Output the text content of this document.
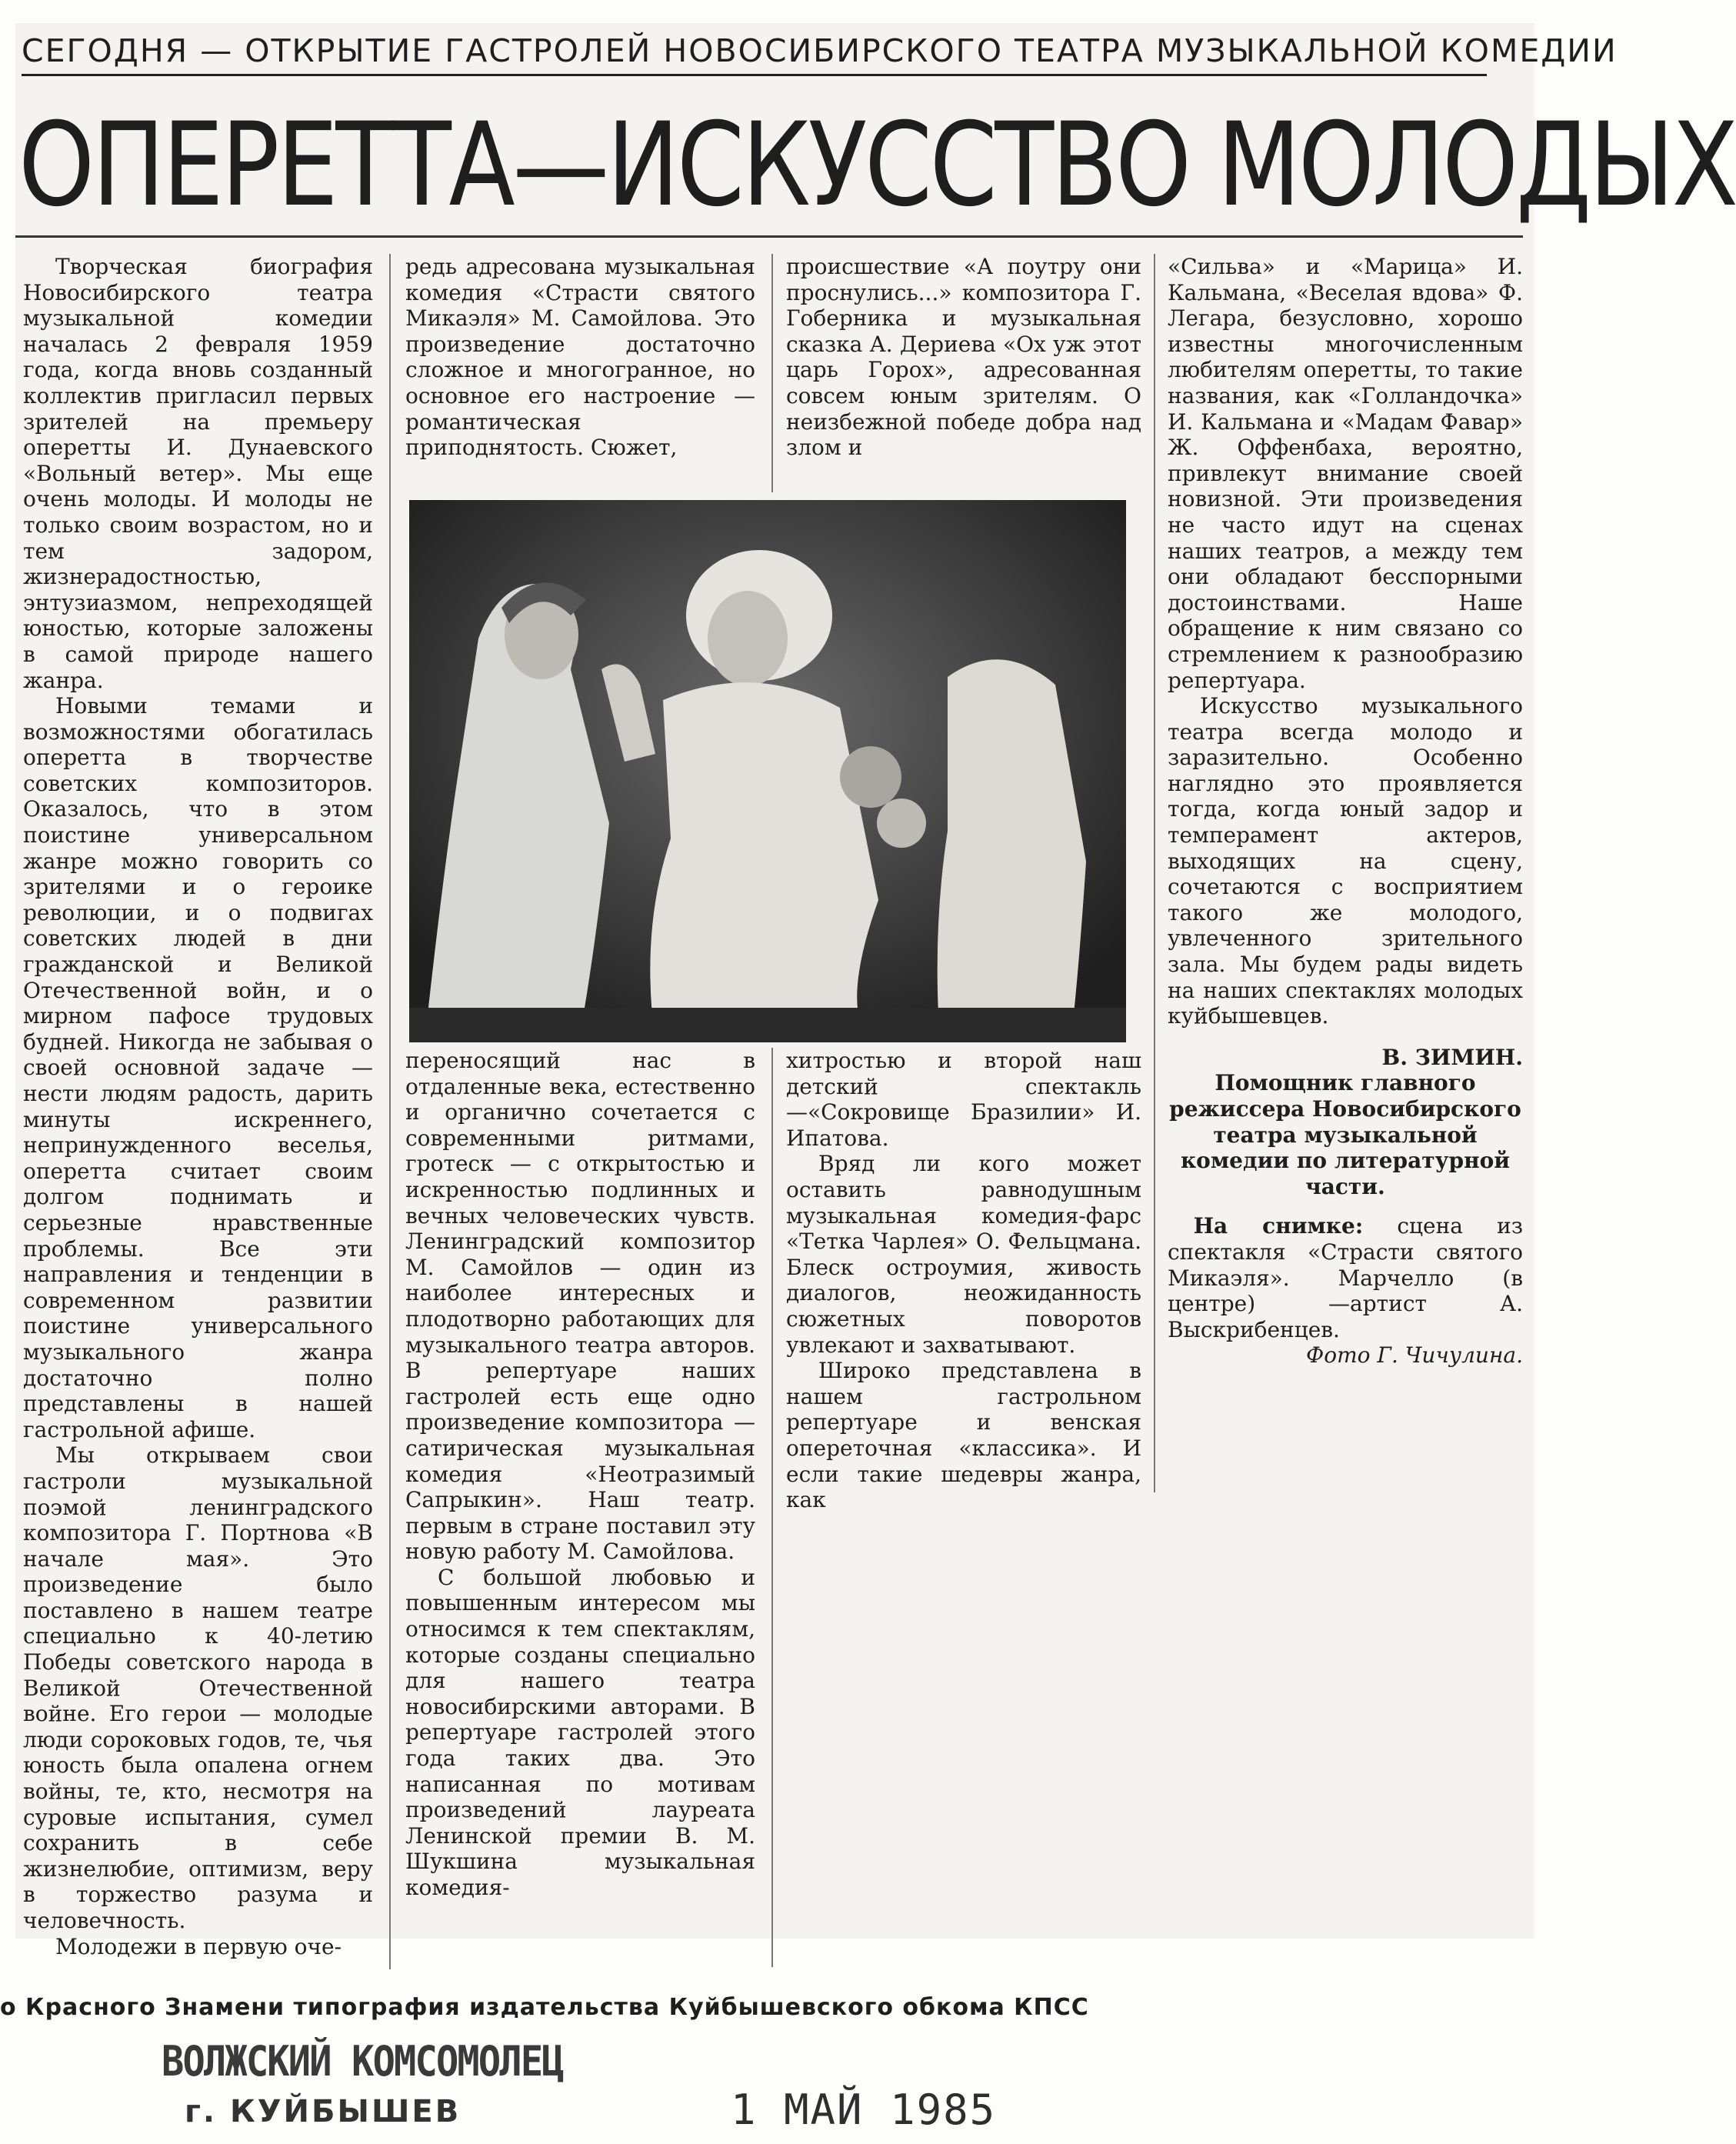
СЕГОДНЯ — ОТКРЫТИЕ ГАСТРОЛЕЙ НОВОСИБИРСКОГО ТЕАТРА МУЗЫКАЛЬНОЙ КОМЕДИИ
ОПЕРЕТТА—ИСКУССТВО МОЛОДЫХ

Творческая биография Новосибирского театра музыкальной комедии началась 2 февраля 1959 года, когда вновь созданный коллектив пригласил первых зрителей на премьеру оперетты И. Дунаевского «Вольный ветер». Мы еще очень молоды. И молоды не только своим возрастом, но и тем задором, жизнерадостностью, энтузиазмом, непреходящей юностью, которые заложены в самой природе нашего жанра.

Новыми темами и возможностями обогатилась оперетта в творчестве советских композиторов. Оказалось, что в этом поистине универсальном жанре можно говорить со зрителями и о героике революции, и о подвигах советских людей в дни гражданской и Великой Отечественной войн, и о мирном пафосе трудовых будней. Никогда не забывая о своей основной задаче — нести людям радость, дарить минуты искреннего, непринужденного веселья, оперетта считает своим долгом поднимать и серьезные нравственные проблемы. Все эти направления и тенденции в современном развитии поистине универсального музыкального жанра достаточно полно представлены в нашей гастрольной афише.

Мы открываем свои гастроли музыкальной поэмой ленинградского композитора Г. Портнова «В начале мая». Это произведение было поставлено в нашем театре специально к 40-летию Победы советского народа в Великой Отечественной войне. Его герои — молодые люди сороковых годов, те, чья юность была опалена огнем войны, те, кто, несмотря на суровые испытания, сумел сохранить в себе жизнелюбие, оптимизм, веру в торжество разума и человечность.

Молодежи в первую оче-

редь адресована музыкальная комедия «Страсти святого Микаэля» М. Самойлова. Это произведение достаточно сложное и многогранное, но основное его настроение — романтическая приподнятость. Сюжет,

происшествие «А поутру они проснулись...» композитора Г. Гоберника и музыкальная сказка А. Дериева «Ох уж этот царь Горох», адресованная совсем юным зрителям. О неизбежной победе добра над злом и

переносящий нас в отдаленные века, естественно и органично сочетается с современными ритмами, гротеск — с открытостью и искренностью подлинных и вечных человеческих чувств. Ленинградский композитор М. Самойлов — один из наиболее интересных и плодотворно работающих для музыкального театра авторов. В репертуаре наших гастролей есть еще одно произведение композитора — сатирическая музыкальная комедия «Неотразимый Сапрыкин». Наш театр. первым в стране поставил эту новую работу М. Самойлова.

С большой любовью и повышенным интересом мы относимся к тем спектаклям, которые созданы специально для нашего театра новосибирскими авторами. В репертуаре гастролей этого года таких два. Это написанная по мотивам произведений лауреата Ленинской премии В. М. Шукшина музыкальная комедия-

хитростью и второй наш детский спектакль—«Сокровище Бразилии» И. Ипатова.

Вряд ли кого может оставить равнодушным музыкальная комедия-фарс «Тетка Чарлея» О. Фельцмана. Блеск остроумия, живость диалогов, неожиданность сюжетных поворотов увлекают и захватывают.

Широко представлена в нашем гастрольном репертуаре и венская опереточная «классика». И если такие шедевры жанра, как

«Сильва» и «Марица» И. Кальмана, «Веселая вдова» Ф. Легара, безусловно, хорошо известны многочисленным любителям оперетты, то такие названия, как «Голландочка» И. Кальмана и «Мадам Фавар» Ж. Оффенбаха, вероятно, привлекут внимание своей новизной. Эти произведения не часто идут на сценах наших театров, а между тем они обладают бесспорными достоинствами. Наше обращение к ним связано со стремлением к разнообразию репертуара.

Искусство музыкального театра всегда молодо и заразительно. Особенно наглядно это проявляется тогда, когда юный задор и темперамент актеров, выходящих на сцену, сочетаются с восприятием такого же молодого, увлеченного зрительного зала. Мы будем рады видеть на наших спектаклях молодых куйбышевцев.

В. ЗИМИН.

Помощник главного режиссера Новосибирского театра музыкальной комедии по литературной части.

На снимке: сцена из спектакля «Страсти святого Микаэля». Марчелло (в центре) —артист А. Выскрибенцев.

Фото Г. Чичулина.

о Красного Знамени типография издательства Куйбышевского обкома КПСС
ВОЛЖСКИЙ КОМСОМОЛЕЦ
г. КУЙБЫШЕВ	1 МАЙ 1985
